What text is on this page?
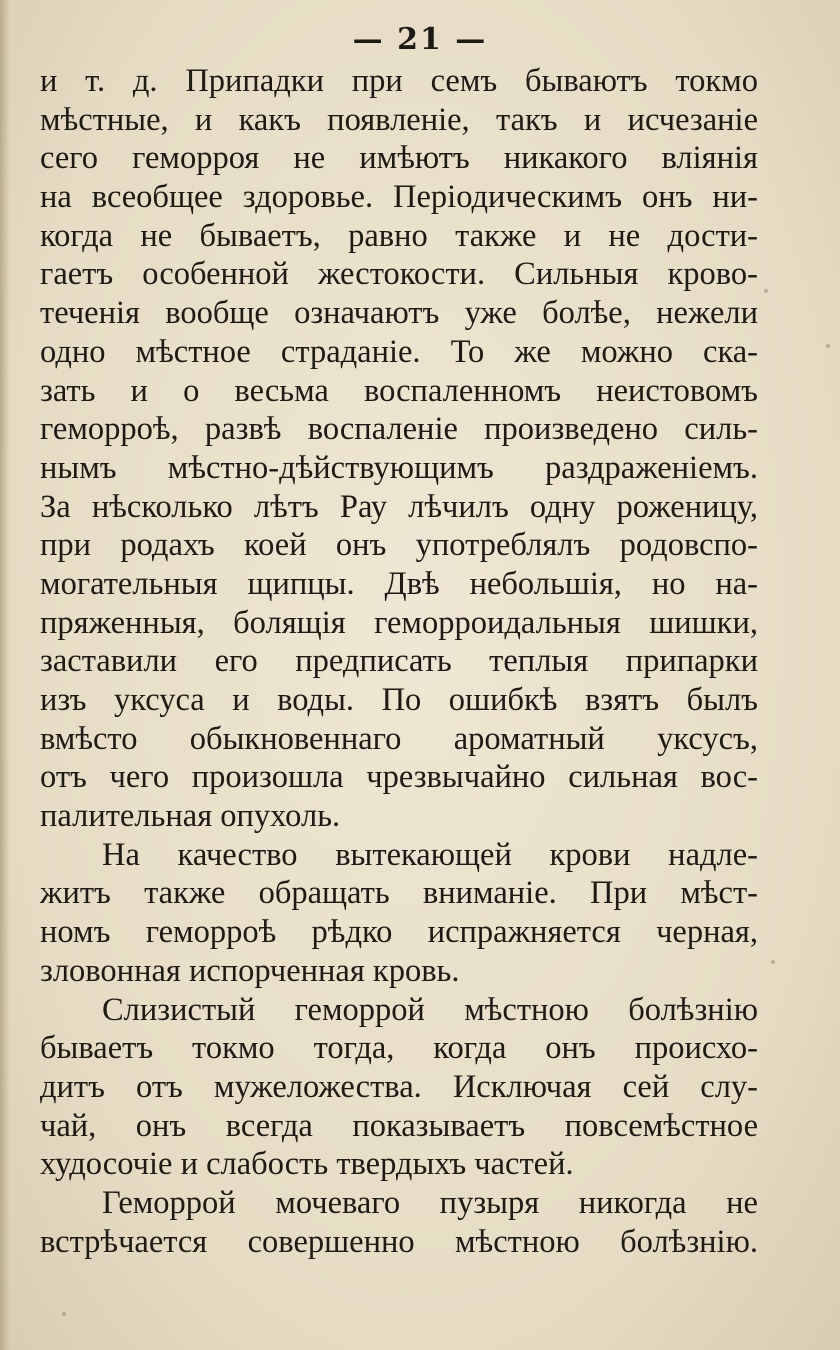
— 21 —
и т. д. Припадки при семъ бываютъ токмо
мѣстные, и какъ появленіе, такъ и исчезаніе
сего геморроя не имѣютъ никакого вліянія
на всеобщее здоровье. Періодическимъ онъ ни-
когда не бываетъ, равно также и не дости-
гаетъ особенной жестокости. Сильныя крово-
теченія вообще означаютъ уже болѣе, нежели
одно мѣстное страданіе. То же можно ска-
зать и о весьма воспаленномъ неистовомъ
геморроѣ, развѣ воспаленіе произведено силь-
нымъ мѣстно-дѣйствующимъ раздраженіемъ.
За нѣсколько лѣтъ Рау лѣчилъ одну роженицу,
при родахъ коей онъ употреблялъ родовспо-
могательныя щипцы. Двѣ небольшія, но на-
пряженныя, болящія геморроидальныя шишки,
заставили его предписать теплыя припарки
изъ уксуса и воды. По ошибкѣ взятъ былъ
вмѣсто обыкновеннаго ароматный уксусъ,
отъ чего произошла чрезвычайно сильная вос-
палительная опухоль.
На качество вытекающей крови надле-
житъ также обращать вниманіе. При мѣст-
номъ геморроѣ рѣдко испражняется черная,
зловонная испорченная кровь.
Слизистый геморрой мѣстною болѣзнію
бываетъ токмо тогда, когда онъ происхо-
дитъ отъ мужеложества. Исключая сей слу-
чай, онъ всегда показываетъ повсемѣстное
худосочіе и слабость твердыхъ частей.
Геморрой мочеваго пузыря никогда не
встрѣчается совершенно мѣстною болѣзнію.
